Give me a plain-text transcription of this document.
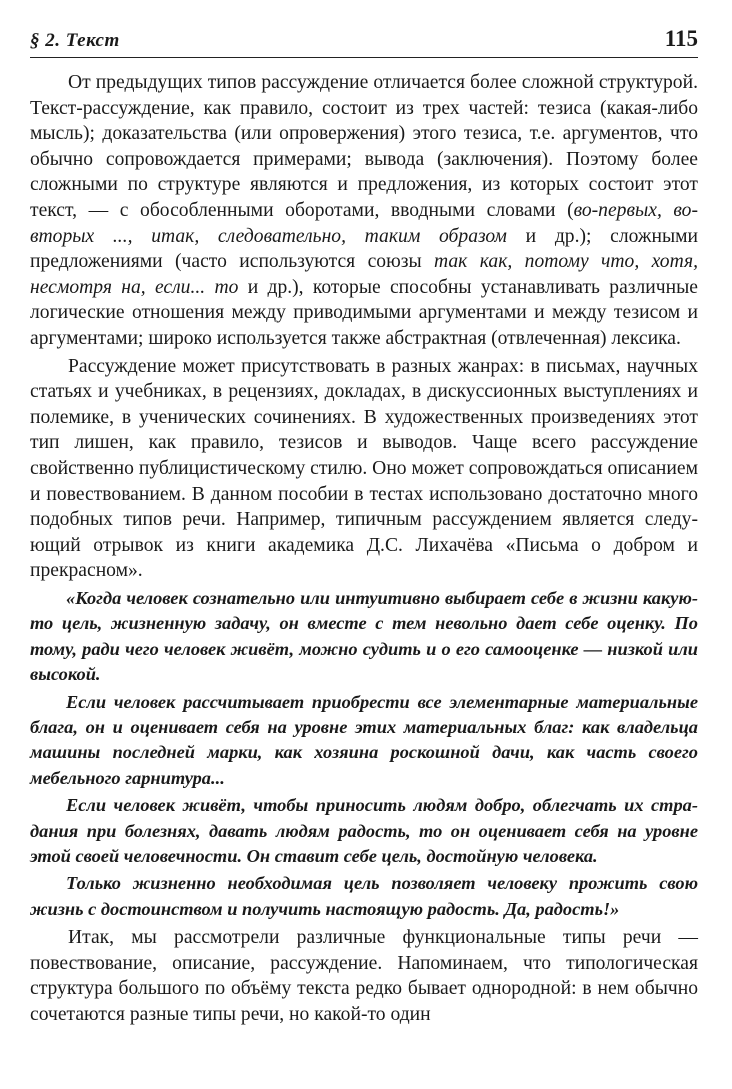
§ 2. Текст	115

От предыдущих типов рассуждение отличается более сложной структурой. Текст-рассуждение, как правило, состоит из трех частей: тезиса (какая-либо мысль); доказательства (или опровержения) этого тезиса, т.е. аргументов, что обычно сопровождается примерами; вывода (заключения). Поэтому более сложными по структуре являются и предложения, из которых состоит этот текст, — с обособленными оборотами, вводными словами (во-первых, во-вторых ..., итак, следовательно, таким образом и др.); сложными предложениями (часто используются союзы так как, потому что, хотя, несмотря на, если... то и др.), которые способны устанавливать различные логические отношения между приводимыми аргументами и между тезисом и аргументами; широко используется также абстрактная (отвлеченная) лексика.

Рассуждение может присутствовать в разных жанрах: в письмах, научных статьях и учебниках, в рецензиях, докладах, в дискуссионных выступлениях и полемике, в ученических сочинениях. В художественных произведениях этот тип лишен, как правило, тезисов и выводов. Чаще всего рассуждение свойственно публицистическому стилю. Оно может сопровождаться описанием и повествованием. В данном пособии в тестах использовано достаточно много подобных типов речи. Например, типичным рассуждением является следующий отрывок из книги академика Д.С. Лихачёва «Письма о добром и прекрасном».

«Когда человек сознательно или интуитивно выбирает себе в жизни какую-то цель, жизненную задачу, он вместе с тем невольно дает себе оценку. По тому, ради чего человек живёт, можно судить и о его самооценке — низкой или высокой.

Если человек рассчитывает приобрести все элементарные материальные блага, он и оценивает себя на уровне этих материальных благ: как владельца машины последней марки, как хозяина роскошной дачи, как часть своего мебельного гарнитура...

Если человек живёт, чтобы приносить людям добро, облегчать их страдания при болезнях, давать людям радость, то он оценивает себя на уровне этой своей человечности. Он ставит себе цель, достойную человека.

Только жизненно необходимая цель позволяет человеку прожить свою жизнь с достоинством и получить настоящую радость. Да, радость!»

Итак, мы рассмотрели различные функциональные типы речи — повествование, описание, рассуждение. Напоминаем, что типологическая структура большого по объёму текста редко бывает однородной: в нем обычно сочетаются разные типы речи, но какой-то один
